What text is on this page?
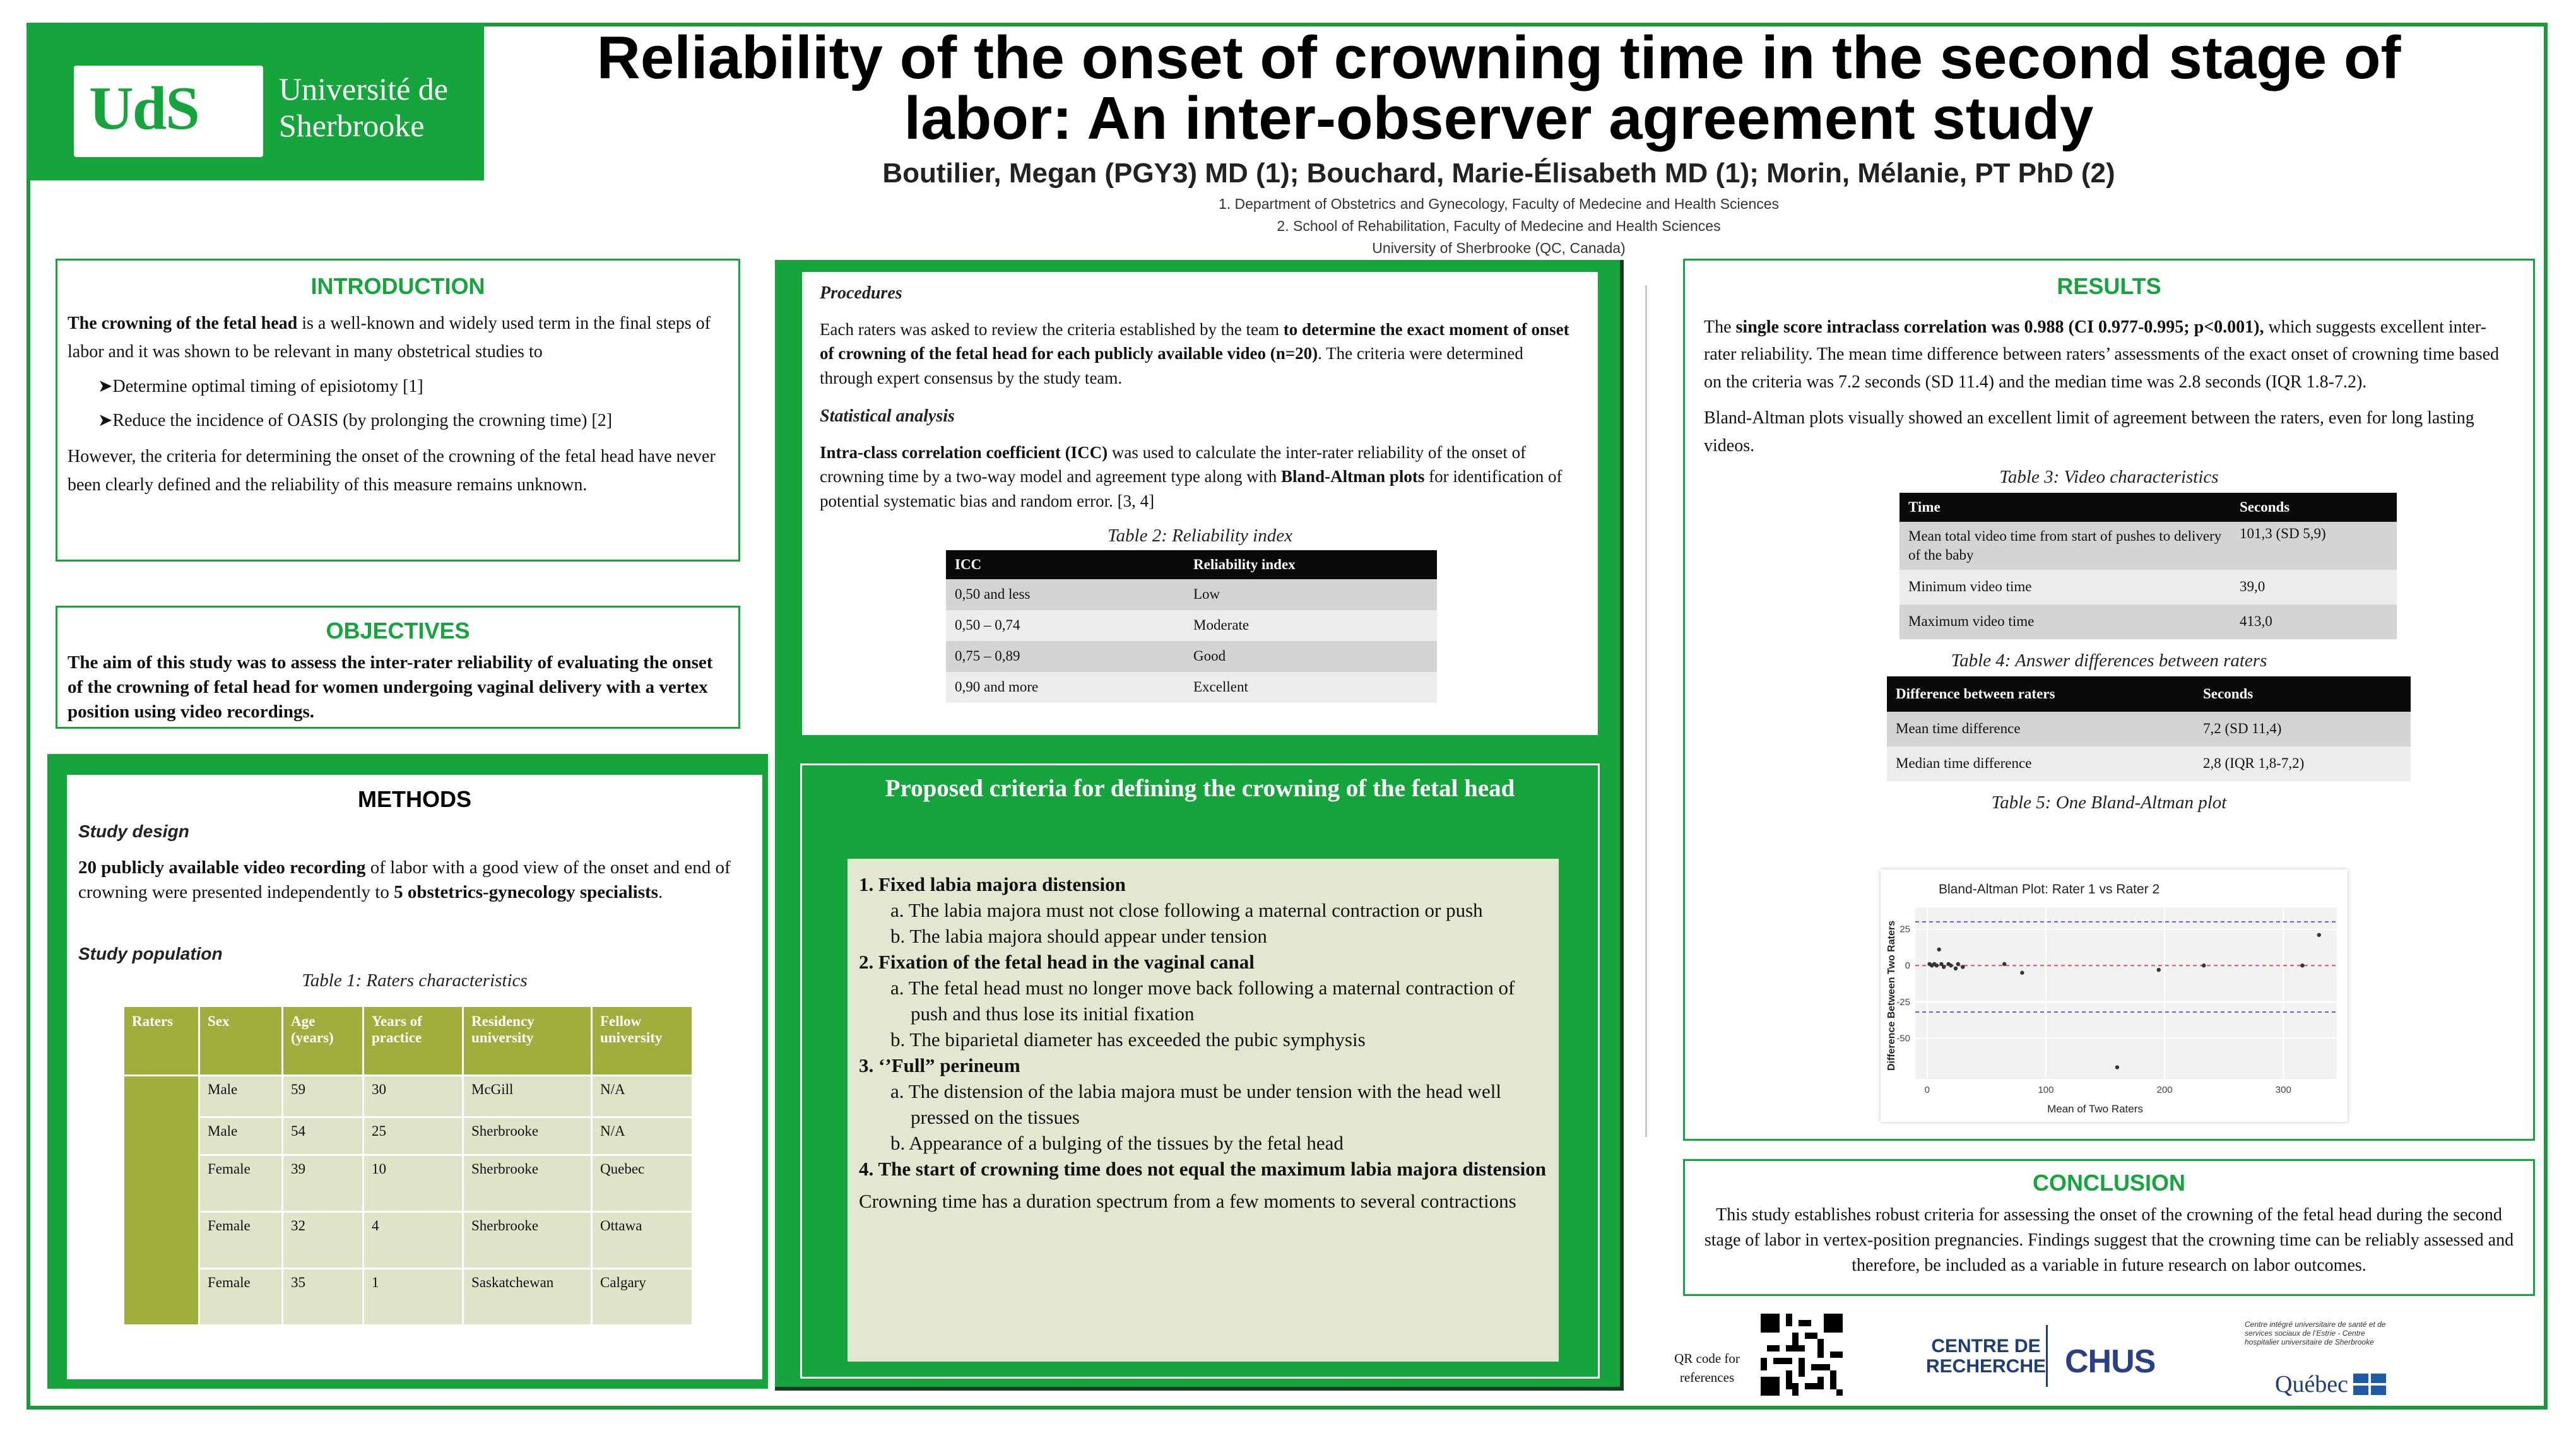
UdS	Université de
Sherbrooke
Reliability of the onset of crowning time in the second stage of
labor: An inter-observer agreement study
Boutilier, Megan (PGY3) MD (1); Bouchard, Marie-Élisabeth MD (1); Morin, Mélanie, PT PhD (2)
1. Department of Obstetrics and Gynecology, Faculty of Medecine and Health Sciences
2. School of Rehabilitation, Faculty of Medecine and Health Sciences
University of Sherbrooke (QC, Canada)
INTRODUCTION

The crowning of the fetal head is a well-known and widely used term in the final steps of labor and it was shown to be relevant in many obstetrical studies to

➤Determine optimal timing of episiotomy [1]

➤Reduce the incidence of OASIS (by prolonging the crowning time) [2]

However, the criteria for determining the onset of the crowning of the fetal head have never been clearly defined and the reliability of this measure remains unknown.

OBJECTIVES
The aim of this study was to assess the inter-rater reliability of evaluating the onset of the crowning of fetal head for women undergoing vaginal delivery with a vertex position using video recordings.
METHODS
Study design
20 publicly available video recording of labor with a good view of the onset and end of crowning were presented independently to 5 obstetrics-gynecology specialists.
Study population
Table 1: Raters characteristics
Raters	Sex	Age (years)	Years of practice	Residency university	Fellow university
	Male	59	30	McGill	N/A
	Male	54	25	Sherbrooke	N/A
	Female	39	10	Sherbrooke	Quebec
	Female	32	4	Sherbrooke	Ottawa
	Female	35	1	Saskatchewan	Calgary
Procedures
Each raters was asked to review the criteria established by the team to determine the exact moment of onset of crowning of the fetal head for each publicly available video (n=20). The criteria were determined through expert consensus by the study team.
Statistical analysis
Intra-class correlation coefficient (ICC) was used to calculate the inter-rater reliability of the onset of crowning time by a two-way model and agreement type along with Bland-Altman plots for identification of potential systematic bias and random error. [3, 4]
Table 2: Reliability index
ICC	Reliability index
0,50 and less	Low
0,50 – 0,74	Moderate
0,75 – 0,89	Good
0,90 and more	Excellent
Proposed criteria for defining the crowning of the fetal head
1. Fixed labia majora distension
a. The labia majora must not close following a maternal contraction or push
b. The labia majora should appear under tension
2. Fixation of the fetal head in the vaginal canal
a. The fetal head must no longer move back following a maternal contraction of push and thus lose its initial fixation
b. The biparietal diameter has exceeded the pubic symphysis
3. ‘’Full” perineum
a. The distension of the labia majora must be under tension with the head well pressed on the tissues
b. Appearance of a bulging of the tissues by the fetal head
4. The start of crowning time does not equal the maximum labia majora distension
Crowning time has a duration spectrum from a few moments to several contractions
RESULTS
The single score intraclass correlation was 0.988 (CI 0.977-0.995; p<0.001), which suggests excellent inter-rater reliability. The mean time difference between raters’ assessments of the exact onset of crowning time based on the criteria was 7.2 seconds (SD 11.4) and the median time was 2.8 seconds (IQR 1.8-7.2).
Bland-Altman plots visually showed an excellent limit of agreement between the raters, even for long lasting videos.
Table 3: Video characteristics
Time	Seconds
Mean total video time from start of pushes to delivery of the baby	101,3 (SD 5,9)
Minimum video time	39,0
Maximum video time	413,0
Table 4: Answer differences between raters
Difference between raters	Seconds
Mean time difference	7,2 (SD 11,4)
Median time difference	2,8 (IQR 1,8-7,2)
Table 5: One Bland-Altman plot
Bland-Altman Plot: Rater 1 vs Rater 2
0	100	200	300
25
0
-25
-50
Mean of Two Raters
Difference Between Two Raters
CONCLUSION
This study establishes robust criteria for assessing the onset of the crowning of the fetal head during the second stage of labor in vertex-position pregnancies. Findings suggest that the crowning time can be reliably assessed and therefore, be included as a variable in future research on labor outcomes.
QR code for references
CENTRE DE
RECHERCHE CHUS
Centre intégré universitaire de santé et de services sociaux de l’Estrie - Centre hospitalier universitaire de Sherbrooke
Québec
